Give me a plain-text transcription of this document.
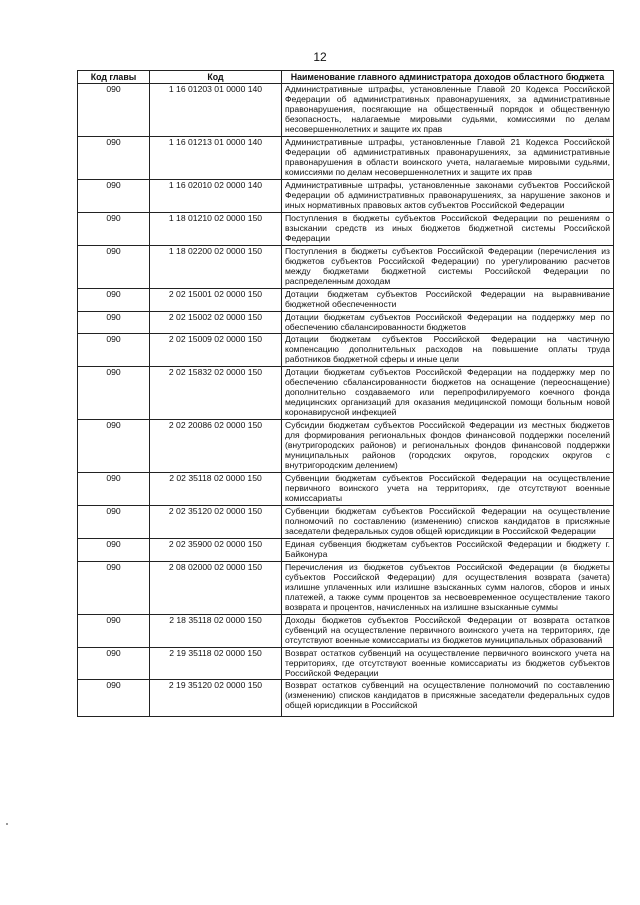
12
Код главы	Код	Наименование главного администратора доходов областного бюджета
090	1 16 01203 01 0000 140	Административные штрафы, установленные Главой 20 Кодекса Российской Федерации об административных правонарушениях, за административные правонарушения, посягающие на общественный порядок и общественную безопасность, налагаемые мировыми судьями, комиссиями по делам несовершеннолетних и защите их прав
090	1 16 01213 01 0000 140	Административные штрафы, установленные Главой 21 Кодекса Российской Федерации об административных правонарушениях, за административные правонарушения в области воинского учета, налагаемые мировыми судьями, комиссиями по делам несовершеннолетних и защите их прав
090	1 16 02010 02 0000 140	Административные штрафы, установленные законами субъектов Российской Федерации об административных правонарушениях, за нарушение законов и иных нормативных правовых актов субъектов Российской Федерации
090	1 18 01210 02 0000 150	Поступления в бюджеты субъектов Российской Федерации по решениям о взыскании средств из иных бюджетов бюджетной системы Российской Федерации
090	1 18 02200 02 0000 150	Поступления в бюджеты субъектов Российской Федерации (перечисления из бюджетов субъектов Российской Федерации) по урегулированию расчетов между бюджетами бюджетной системы Российской Федерации по распределенным доходам
090	2 02 15001 02 0000 150	Дотации бюджетам субъектов Российской Федерации на выравнивание бюджетной обеспеченности
090	2 02 15002 02 0000 150	Дотации бюджетам субъектов Российской Федерации на поддержку мер по обеспечению сбалансированности бюджетов
090	2 02 15009 02 0000 150	Дотации бюджетам субъектов Российской Федерации на частичную компенсацию дополнительных расходов на повышение оплаты труда работников бюджетной сферы и иные цели
090	2 02 15832 02 0000 150	Дотации бюджетам субъектов Российской Федерации на поддержку мер по обеспечению сбалансированности бюджетов на оснащение (переоснащение) дополнительно создаваемого или перепрофилируемого коечного фонда медицинских организаций для оказания медицинской помощи больным новой коронавирусной инфекцией
090	2 02 20086 02 0000 150	Субсидии бюджетам субъектов Российской Федерации из местных бюджетов для формирования региональных фондов финансовой поддержки поселений (внутригородских районов) и региональных фондов финансовой поддержки муниципальных районов (городских округов, городских округов с внутригородским делением)
090	2 02 35118 02 0000 150	Субвенции бюджетам субъектов Российской Федерации на осуществление первичного воинского учета на территориях, где отсутствуют военные комиссариаты
090	2 02 35120 02 0000 150	Субвенции бюджетам субъектов Российской Федерации на осуществление полномочий по составлению (изменению) списков кандидатов в присяжные заседатели федеральных судов общей юрисдикции в Российской Федерации
090	2 02 35900 02 0000 150	Единая субвенция бюджетам субъектов Российской Федерации и бюджету г. Байконура
090	2 08 02000 02 0000 150	Перечисления из бюджетов субъектов Российской Федерации (в бюджеты субъектов Российской Федерации) для осуществления возврата (зачета) излишне уплаченных или излишне взысканных сумм налогов, сборов и иных платежей, а также сумм процентов за несвоевременное осуществление такого возврата и процентов, начисленных на излишне взысканные суммы
090	2 18 35118 02 0000 150	Доходы бюджетов субъектов Российской Федерации от возврата остатков субвенций на осуществление первичного воинского учета на территориях, где отсутствуют военные комиссариаты из бюджетов муниципальных образований
090	2 19 35118 02 0000 150	Возврат остатков субвенций на осуществление первичного воинского учета на территориях, где отсутствуют военные комиссариаты из бюджетов субъектов Российской Федерации
090	2 19 35120 02 0000 150	Возврат остатков субвенций на осуществление полномочий по составлению (изменению) списков кандидатов в присяжные заседатели федеральных судов общей юрисдикции в Российской
